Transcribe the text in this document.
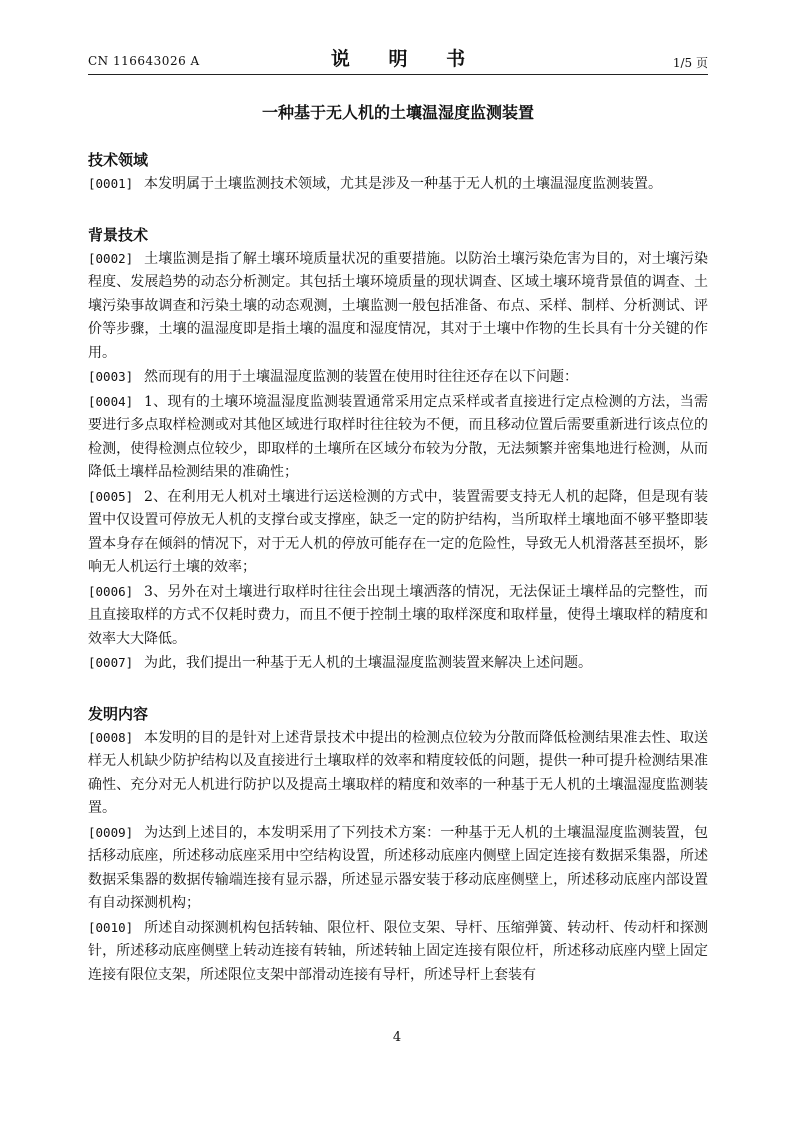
CN 116643026 A	说 明 书	1/5 页
一种基于无人机的土壤温湿度监测装置
技术领域
[0001] 本发明属于土壤监测技术领域，尤其是涉及一种基于无人机的土壤温湿度监测装置。
背景技术
[0002] 土壤监测是指了解土壤环境质量状况的重要措施。以防治土壤污染危害为目的，对土壤污染程度、发展趋势的动态分析测定。其包括土壤环境质量的现状调查、区域土壤环境背景值的调查、土壤污染事故调查和污染土壤的动态观测，土壤监测一般包括准备、布点、采样、制样、分析测试、评价等步骤，土壤的温湿度即是指土壤的温度和湿度情况，其对于土壤中作物的生长具有十分关键的作用。
[0003] 然而现有的用于土壤温湿度监测的装置在使用时往往还存在以下问题：
[0004] 1、现有的土壤环境温湿度监测装置通常采用定点采样或者直接进行定点检测的方法，当需要进行多点取样检测或对其他区域进行取样时往往较为不便，而且移动位置后需要重新进行该点位的检测，使得检测点位较少，即取样的土壤所在区域分布较为分散，无法频繁并密集地进行检测，从而降低土壤样品检测结果的准确性；
[0005] 2、在利用无人机对土壤进行运送检测的方式中，装置需要支持无人机的起降，但是现有装置中仅设置可停放无人机的支撑台或支撑座，缺乏一定的防护结构，当所取样土壤地面不够平整即装置本身存在倾斜的情况下，对于无人机的停放可能存在一定的危险性，导致无人机滑落甚至损坏，影响无人机运行土壤的效率；
[0006] 3、另外在对土壤进行取样时往往会出现土壤洒落的情况，无法保证土壤样品的完整性，而且直接取样的方式不仅耗时费力，而且不便于控制土壤的取样深度和取样量，使得土壤取样的精度和效率大大降低。
[0007] 为此，我们提出一种基于无人机的土壤温湿度监测装置来解决上述问题。
发明内容
[0008] 本发明的目的是针对上述背景技术中提出的检测点位较为分散而降低检测结果准去性、取送样无人机缺少防护结构以及直接进行土壤取样的效率和精度较低的问题，提供一种可提升检测结果准确性、充分对无人机进行防护以及提高土壤取样的精度和效率的一种基于无人机的土壤温湿度监测装置。
[0009] 为达到上述目的，本发明采用了下列技术方案：一种基于无人机的土壤温湿度监测装置，包括移动底座，所述移动底座采用中空结构设置，所述移动底座内侧壁上固定连接有数据采集器，所述数据采集器的数据传输端连接有显示器，所述显示器安装于移动底座侧壁上，所述移动底座内部设置有自动探测机构；
[0010] 所述自动探测机构包括转轴、限位杆、限位支架、导杆、压缩弹簧、转动杆、传动杆和探测针，所述移动底座侧壁上转动连接有转轴，所述转轴上固定连接有限位杆，所述移动底座内壁上固定连接有限位支架，所述限位支架中部滑动连接有导杆，所述导杆上套装有
4
